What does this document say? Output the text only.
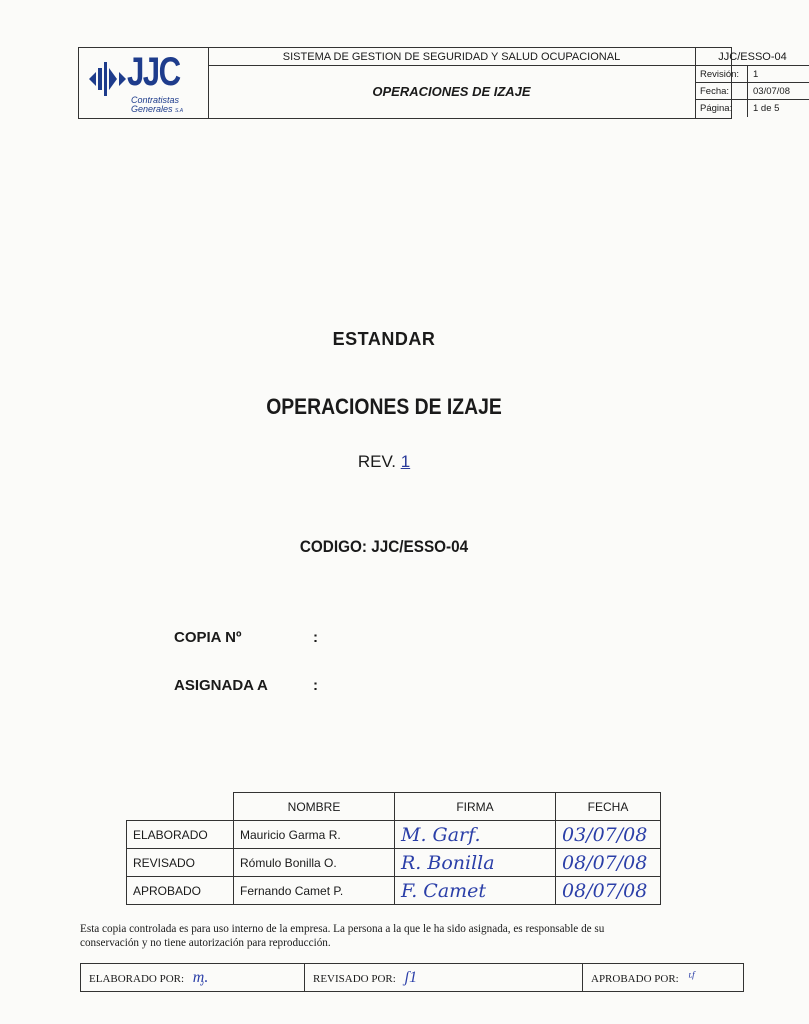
JJC
Contratistas
Generales S.A
SISTEMA DE GESTION DE SEGURIDAD Y SALUD OCUPACIONAL
OPERACIONES DE IZAJE
JJC/ESSO-04
Revisión:	1
Fecha:	03/07/08
Página:	1 de 5
ESTANDAR
OPERACIONES DE IZAJE
REV. 1
CODIGO: JJC/ESSO-04
COPIA Nº	:
ASIGNADA A	:
	NOMBRE	FIRMA	FECHA
ELABORADO	Mauricio Garma R.	M. Garf.	03/07/08
REVISADO	Rómulo Bonilla O.	R. Bonilla	08/07/08
APROBADO	Fernando Camet P.	F. Camet	08/07/08
Esta copia controlada es para uso interno de la empresa. La persona a la que le ha sido asignada, es responsable de su
conservación y no tiene autorización para reproducción.
ELABORADO POR: ᶆ.	REVISADO POR: ʃ1	APROBADO POR: ᶫᶠ
